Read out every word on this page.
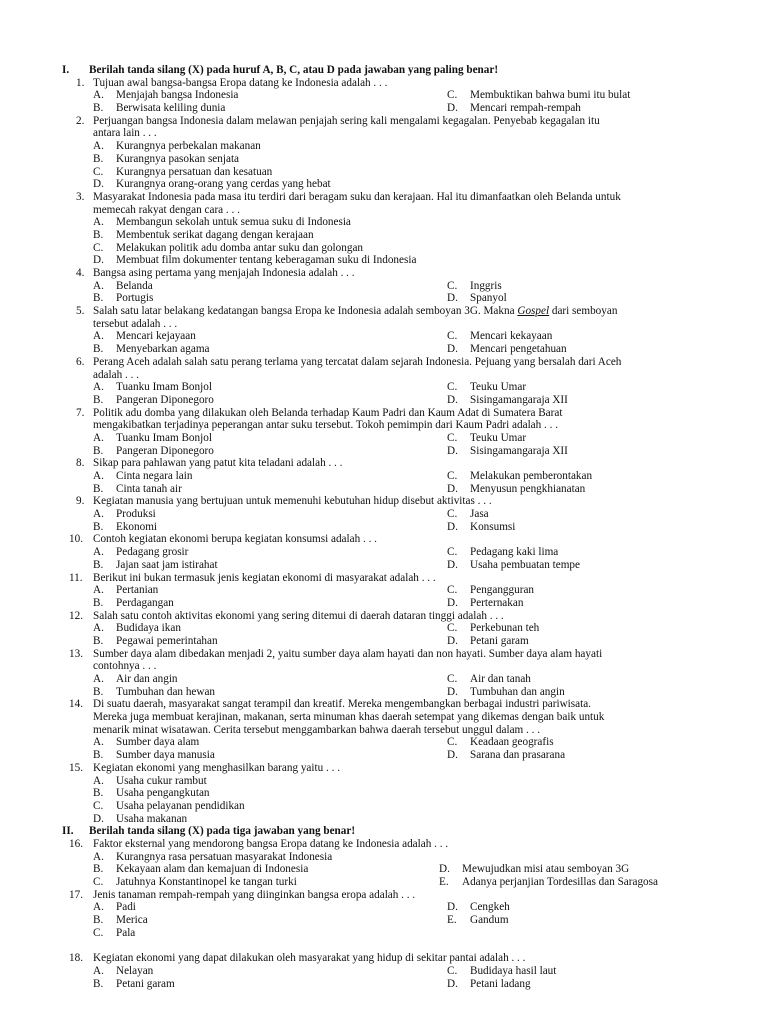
I. Berilah tanda silang (X) pada huruf A, B, C, atau D pada jawaban yang paling benar!
1. Tujuan awal bangsa-bangsa Eropa datang ke Indonesia adalah . . .
A. Menjajah bangsa Indonesia	C. Membuktikan bahwa bumi itu bulat
B. Berwisata keliling dunia	D. Mencari rempah-rempah
2. Perjuangan bangsa Indonesia dalam melawan penjajah sering kali mengalami kegagalan. Penyebab kegagalan itu
antara lain . . .
A. Kurangnya perbekalan makanan
B. Kurangnya pasokan senjata
C. Kurangnya persatuan dan kesatuan
D. Kurangnya orang-orang yang cerdas yang hebat
3. Masyarakat Indonesia pada masa itu terdiri dari beragam suku dan kerajaan. Hal itu dimanfaatkan oleh Belanda untuk
memecah rakyat dengan cara . . .
A. Membangun sekolah untuk semua suku di Indonesia
B. Membentuk serikat dagang dengan kerajaan
C. Melakukan politik adu domba antar suku dan golongan
D. Membuat film dokumenter tentang keberagaman suku di Indonesia
4. Bangsa asing pertama yang menjajah Indonesia adalah . . .
A. Belanda	C. Inggris
B. Portugis	D. Spanyol
5. Salah satu latar belakang kedatangan bangsa Eropa ke Indonesia adalah semboyan 3G. Makna Gospel dari semboyan
tersebut adalah . . .
A. Mencari kejayaan	C. Mencari kekayaan
B. Menyebarkan agama	D. Mencari pengetahuan
6. Perang Aceh adalah salah satu perang terlama yang tercatat dalam sejarah Indonesia. Pejuang yang bersalah dari Aceh
adalah . . .
A. Tuanku Imam Bonjol	C. Teuku Umar
B. Pangeran Diponegoro	D. Sisingamangaraja XII
7. Politik adu domba yang dilakukan oleh Belanda terhadap Kaum Padri dan Kaum Adat di Sumatera Barat
mengakibatkan terjadinya peperangan antar suku tersebut. Tokoh pemimpin dari Kaum Padri adalah . . .
A. Tuanku Imam Bonjol	C. Teuku Umar
B. Pangeran Diponegoro	D. Sisingamangaraja XII
8. Sikap para pahlawan yang patut kita teladani adalah . . .
A. Cinta negara lain	C. Melakukan pemberontakan
B. Cinta tanah air	D. Menyusun pengkhianatan
9. Kegiatan manusia yang bertujuan untuk memenuhi kebutuhan hidup disebut aktivitas . . .
A. Produksi	C. Jasa
B. Ekonomi	D. Konsumsi
10. Contoh kegiatan ekonomi berupa kegiatan konsumsi adalah . . .
A. Pedagang grosir	C. Pedagang kaki lima
B. Jajan saat jam istirahat	D. Usaha pembuatan tempe
11. Berikut ini bukan termasuk jenis kegiatan ekonomi di masyarakat adalah . . .
A. Pertanian	C. Pengangguran
B. Perdagangan	D. Perternakan
12. Salah satu contoh aktivitas ekonomi yang sering ditemui di daerah dataran tinggi adalah . . .
A. Budidaya ikan	C. Perkebunan teh
B. Pegawai pemerintahan	D. Petani garam
13. Sumber daya alam dibedakan menjadi 2, yaitu sumber daya alam hayati dan non hayati. Sumber daya alam hayati
contohnya . . .
A. Air dan angin	C. Air dan tanah
B. Tumbuhan dan hewan	D. Tumbuhan dan angin
14. Di suatu daerah, masyarakat sangat terampil dan kreatif. Mereka mengembangkan berbagai industri pariwisata.
Mereka juga membuat kerajinan, makanan, serta minuman khas daerah setempat yang dikemas dengan baik untuk
menarik minat wisatawan. Cerita tersebut menggambarkan bahwa daerah tersebut unggul dalam . . .
A. Sumber daya alam	C. Keadaan geografis
B. Sumber daya manusia	D. Sarana dan prasarana
15. Kegiatan ekonomi yang menghasilkan barang yaitu . . .
A. Usaha cukur rambut
B. Usaha pengangkutan
C. Usaha pelayanan pendidikan
D. Usaha makanan
II. Berilah tanda silang (X) pada tiga jawaban yang benar!
16. Faktor eksternal yang mendorong bangsa Eropa datang ke Indonesia adalah . . .
A. Kurangnya rasa persatuan masyarakat Indonesia
B. Kekayaan alam dan kemajuan di Indonesia	D. Mewujudkan misi atau semboyan 3G
C. Jatuhnya Konstantinopel ke tangan turki	E. Adanya perjanjian Tordesillas dan Saragosa
17. Jenis tanaman rempah-rempah yang diinginkan bangsa eropa adalah . . .
A. Padi	D. Cengkeh
B. Merica	E. Gandum
C. Pala
18. Kegiatan ekonomi yang dapat dilakukan oleh masyarakat yang hidup di sekitar pantai adalah . . .
A. Nelayan	C. Budidaya hasil laut
B. Petani garam	D. Petani ladang
